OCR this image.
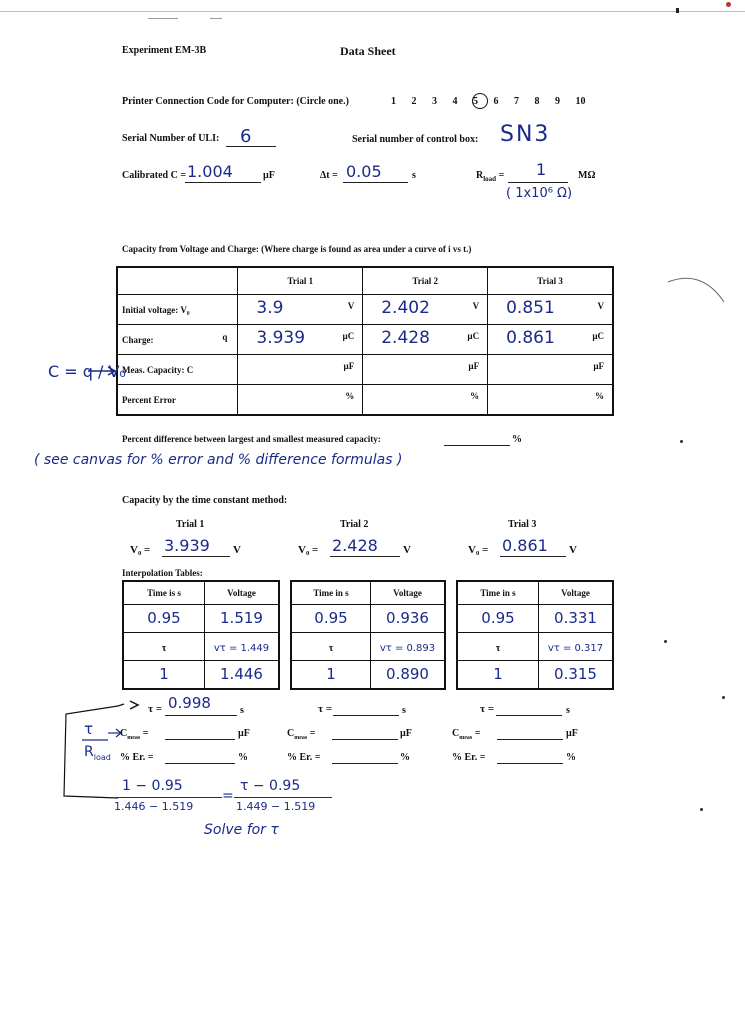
Experiment EM-3B	Data Sheet
Printer Connection Code for Computer: (Circle one.)	1 2 3 4 5 6 7 8 9 10
Serial Number of ULI: 6	Serial number of control box: SN3
Calibrated C = 1.004	µF	Δt = 0.05	s	$R_{load} = 1$	MΩ
( 1x10⁶ Ω)
Capacity from Voltage and Charge: (Where charge is found as area under a curve of i vs t.)
	Trial 1	Trial 2	Trial 3
Initial voltage: V₀	3.9 V	2.402 V	0.851 V

Charge: q	3.939 µC	2.428 µC	0.861 µC

Meas. Capacity: C	µF	µF	µF

Percent Error	%	%	%
C = q / V₀
Percent difference between largest and smallest measured capacity:	%
( see canvas for % error and % difference formulas )
Capacity by the time constant method:
Trial 1	Trial 2	Trial 3
V₀ = 3.939 V	V₀ = 2.428 V	V₀ = 0.861 V
Interpolation Tables:
Time is s	Voltage
0.95	1.519
τ	vτ = 1.449
1	1.446
Time in s	Voltage
0.95	0.936
τ	vτ = 0.893
1	0.890
Time in s	Voltage
0.95	0.331
τ	vτ = 0.317
1	0.315
τ = 0.998	s	τ =	s	τ =	s
$C_{meas}$ =	µF	$C_{meas}$ =	µF	$C_{meas}$ =	µF
% Er. =	%	% Er. =	%	% Er. =	%
τ
$R_{load}$
1 − 0.95
1.446 − 1.519
=
τ − 0.95
1.449 − 1.519
Solve for τ
